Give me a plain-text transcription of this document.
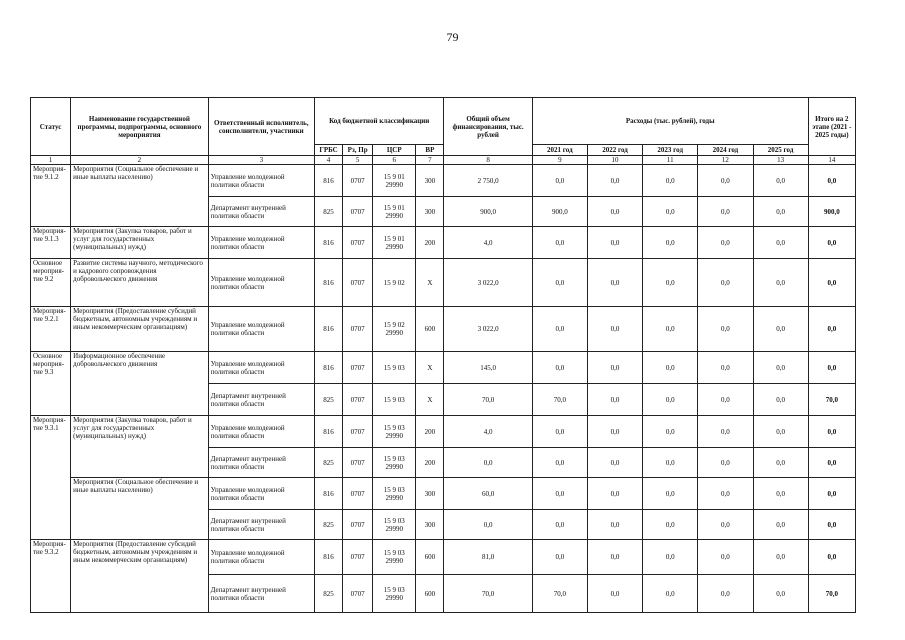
79
Статус	Наименование государственной программы, подпрограммы, основного мероприятия	Ответственный исполнитель, соисполнители, участники	Код бюджетной классификации				Общий объем финансирования, тыс. рублей	Расходы (тыс. рублей), годы					Итого на 2 этапе (2021 - 2025 годы)
			ГРБС	Рз, Пр	ЦСР	ВР		2021 год	2022 год	2023 год	2024 год	2025 год	
1	2	3	4	5	6	7	8	9	10	11	12	13	14
Мероприя-тие 9.1.2	Мероприятия (Социальное обеспечение и иные выплаты населению)	Управление молодежной политики области	816	0707	15 9 01 29990	300	2 750,0	0,0	0,0	0,0	0,0	0,0	0,0
		Департамент внутренней политики области	825	0707	15 9 01 29990	300	900,0	900,0	0,0	0,0	0,0	0,0	900,0
Мероприя-тие 9.1.3	Мероприятия (Закупка товаров, работ и услуг для государственных (муниципальных) нужд)	Управление молодежной политики области	816	0707	15 9 01 29990	200	4,0	0,0	0,0	0,0	0,0	0,0	0,0
Основное мероприя-тие 9.2	Развитие системы научного, методического и кадрового сопровождения добровольческого движения	Управление молодежной политики области	816	0707	15 9 02	Х	3 022,0	0,0	0,0	0,0	0,0	0,0	0,0
Мероприя-тие 9.2.1	Мероприятия (Предоставление субсидий бюджетным, автономным учреждениям и иным некоммерческим организациям)	Управление молодежной политики области	816	0707	15 9 02 29990	600	3 022,0	0,0	0,0	0,0	0,0	0,0	0,0
Основное мероприя-тие 9.3	Информационное обеспечение добровольческого движения	Управление молодежной политики области	816	0707	15 9 03	Х	145,0	0,0	0,0	0,0	0,0	0,0	0,0
		Департамент внутренней политики области	825	0707	15 9 03	Х	70,0	70,0	0,0	0,0	0,0	0,0	70,0
Мероприя-тие 9.3.1	Мероприятия (Закупка товаров, работ и услуг для государственных (муниципальных) нужд)	Управление молодежной политики области	816	0707	15 9 03 29990	200	4,0	0,0	0,0	0,0	0,0	0,0	0,0
		Департамент внутренней политики области	825	0707	15 9 03 29990	200	0,0	0,0	0,0	0,0	0,0	0,0	0,0
	Мероприятия (Социальное обеспечение и иные выплаты населению)	Управление молодежной политики области	816	0707	15 9 03 29990	300	60,0	0,0	0,0	0,0	0,0	0,0	0,0
		Департамент внутренней политики области	825	0707	15 9 03 29990	300	0,0	0,0	0,0	0,0	0,0	0,0	0,0
Мероприя-тие 9.3.2	Мероприятия (Предоставление субсидий бюджетным, автономным учреждениям и иным некоммерческим организациям)	Управление молодежной политики области	816	0707	15 9 03 29990	600	81,0	0,0	0,0	0,0	0,0	0,0	0,0
		Департамент внутренней политики области	825	0707	15 9 03 29990	600	70,0	70,0	0,0	0,0	0,0	0,0	70,0
